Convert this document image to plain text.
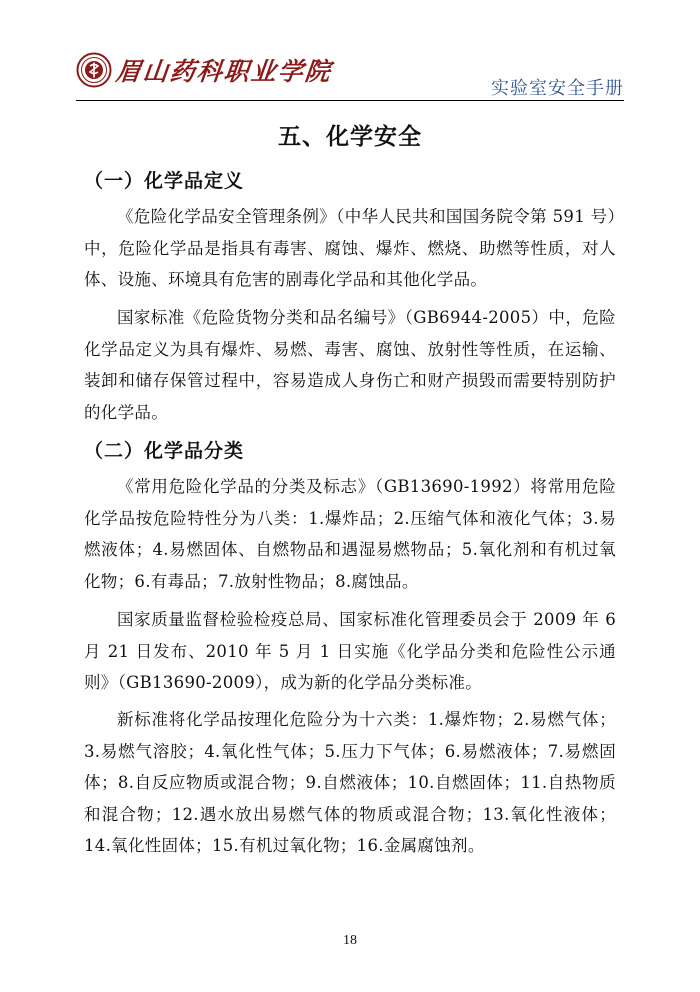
眉山药科职业学院
实验室安全手册
五、化学安全
（一）化学品定义
《危险化学品安全管理条例》（中华人民共和国国务院令第 591 号）中，危险化学品是指具有毒害、腐蚀、爆炸、燃烧、助燃等性质，对人体、设施、环境具有危害的剧毒化学品和其他化学品。
国家标准《危险货物分类和品名编号》（GB6944-2005）中，危险化学品定义为具有爆炸、易燃、毒害、腐蚀、放射性等性质，在运输、装卸和储存保管过程中，容易造成人身伤亡和财产损毁而需要特别防护的化学品。
（二）化学品分类
《常用危险化学品的分类及标志》（GB13690-1992）将常用危险化学品按危险特性分为八类：1.爆炸品；2.压缩气体和液化气体；3.易燃液体；4.易燃固体、自燃物品和遇湿易燃物品；5.氧化剂和有机过氧化物；6.有毒品；7.放射性物品；8.腐蚀品。
国家质量监督检验检疫总局、国家标准化管理委员会于 2009 年 6 月 21 日发布、2010 年 5 月 1 日实施《化学品分类和危险性公示通则》（GB13690-2009），成为新的化学品分类标准。
新标准将化学品按理化危险分为十六类：1.爆炸物；2.易燃气体；3.易燃气溶胶；4.氧化性气体；5.压力下气体；6.易燃液体；7.易燃固体；8.自反应物质或混合物；9.自燃液体；10.自燃固体；11.自热物质和混合物；12.遇水放出易燃气体的物质或混合物；13.氧化性液体；14.氧化性固体；15.有机过氧化物；16.金属腐蚀剂。
18
